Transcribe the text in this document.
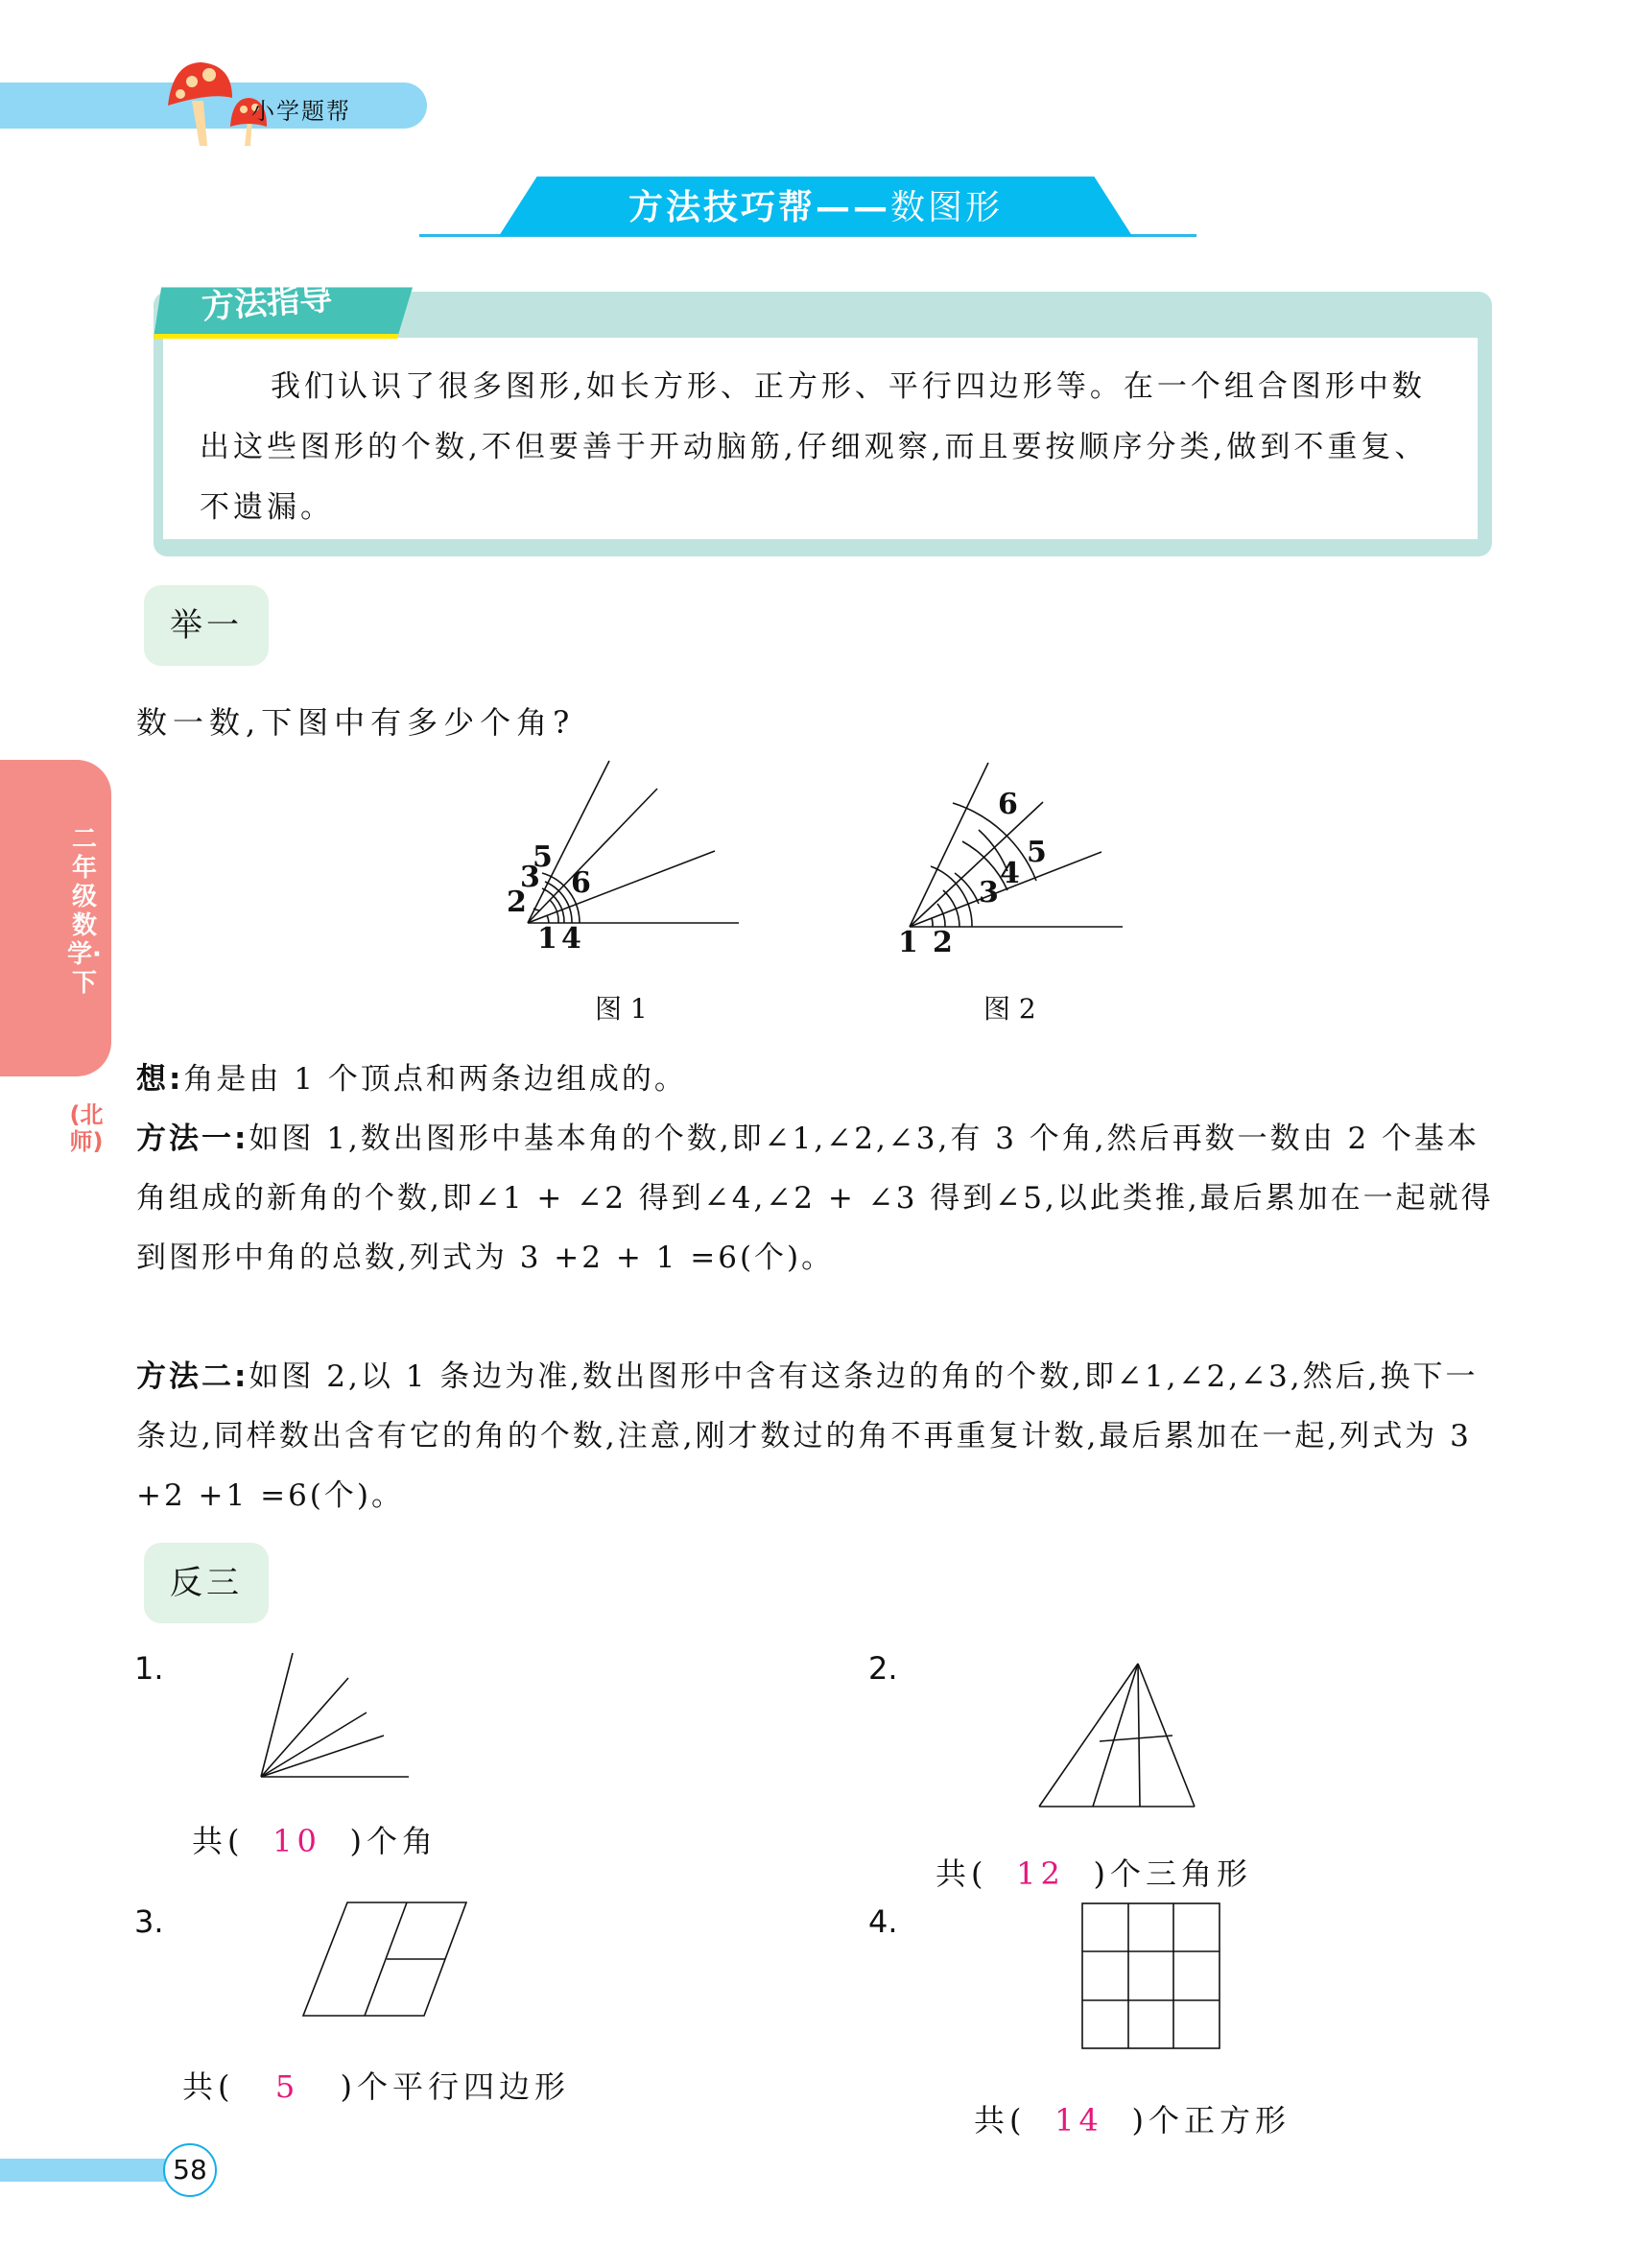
小学题帮
方法技巧帮——数图形
方法指导
我们认识了很多图形,如长方形、正方形、平行四边形等。在一个组合图形中数出这些图形的个数,不但要善于开动脑筋,仔细观察,而且要按顺序分类,做到不重复、不遗漏。
二年级数学·下
(北师)
举一
数一数,下图中有多少个角?
1
2
3
4
5
6
图 1
1 2
3
4
5
6
图 2
想:角是由 1 个顶点和两条边组成的。
方法一:如图 1,数出图形中基本角的个数,即∠1,∠2,∠3,有 3 个角,然后再数一数由 2 个基本角组成的新角的个数,即∠1 + ∠2 得到∠4,∠2 + ∠3 得到∠5,以此类推,最后累加在一起就得到图形中角的总数,列式为 3 +2 + 1 =6(个)。
方法二:如图 2,以 1 条边为准,数出图形中含有这条边的角的个数,即∠1,∠2,∠3,然后,换下一条边,同样数出含有它的角的个数,注意,刚才数过的角不再重复计数,最后累加在一起,列式为 3 +2 +1 =6(个)。
反三
1.
共( 10 )个角
2.
共( 12 )个三角形
3.
共( 5 )个平行四边形
4.
共( 14 )个正方形
58
